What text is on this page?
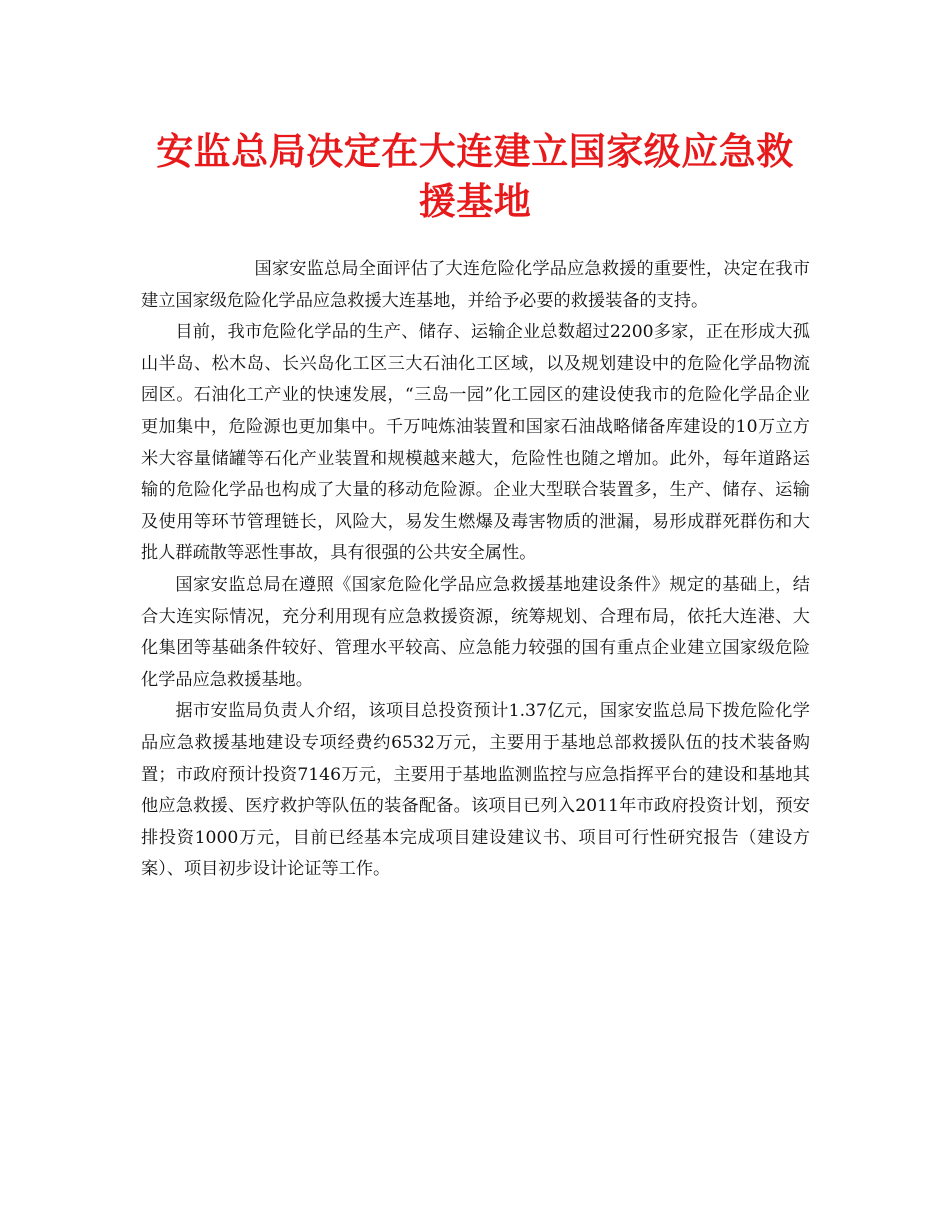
安监总局决定在大连建立国家级应急救援基地

国家安监总局全面评估了大连危险化学品应急救援的重要性，决定在我市建立国家级危险化学品应急救援大连基地，并给予必要的救援装备的支持。

目前，我市危险化学品的生产、储存、运输企业总数超过2200多家，正在形成大孤山半岛、松木岛、长兴岛化工区三大石油化工区域，以及规划建设中的危险化学品物流园区。石油化工产业的快速发展，“三岛一园”化工园区的建设使我市的危险化学品企业更加集中，危险源也更加集中。千万吨炼油装置和国家石油战略储备库建设的10万立方米大容量储罐等石化产业装置和规模越来越大，危险性也随之增加。此外，每年道路运输的危险化学品也构成了大量的移动危险源。企业大型联合装置多，生产、储存、运输及使用等环节管理链长，风险大，易发生燃爆及毒害物质的泄漏，易形成群死群伤和大批人群疏散等恶性事故，具有很强的公共安全属性。

国家安监总局在遵照《国家危险化学品应急救援基地建设条件》规定的基础上，结合大连实际情况，充分利用现有应急救援资源，统筹规划、合理布局，依托大连港、大化集团等基础条件较好、管理水平较高、应急能力较强的国有重点企业建立国家级危险化学品应急救援基地。

据市安监局负责人介绍，该项目总投资预计1.37亿元，国家安监总局下拨危险化学品应急救援基地建设专项经费约6532万元，主要用于基地总部救援队伍的技术装备购置；市政府预计投资7146万元，主要用于基地监测监控与应急指挥平台的建设和基地其他应急救援、医疗救护等队伍的装备配备。该项目已列入2011年市政府投资计划，预安排投资1000万元，目前已经基本完成项目建设建议书、项目可行性研究报告（建设方案）、项目初步设计论证等工作。
